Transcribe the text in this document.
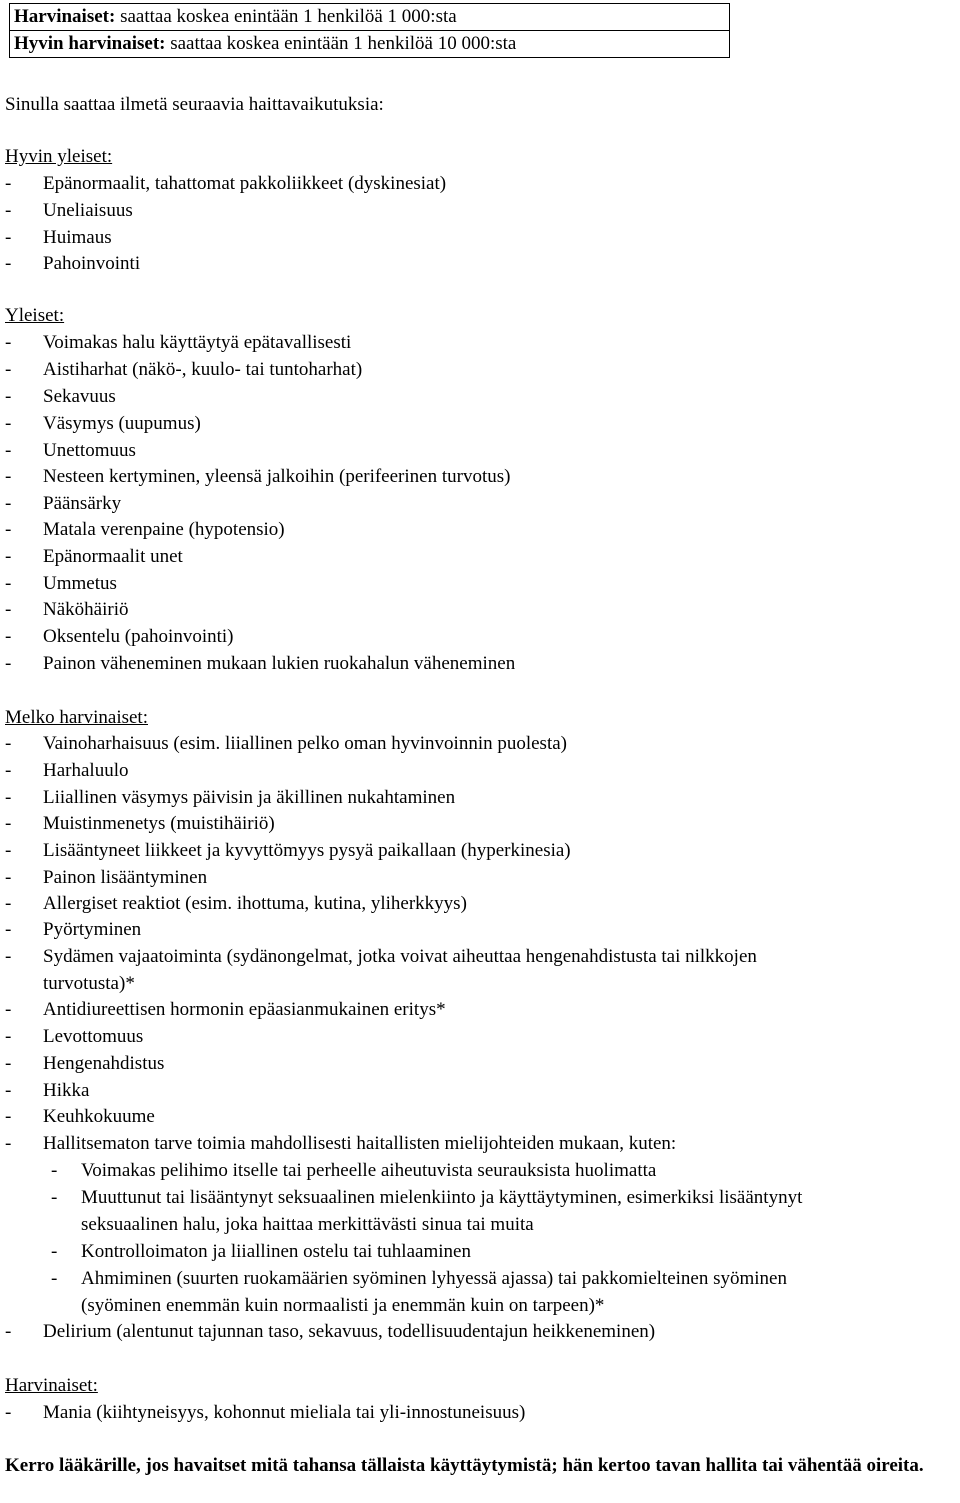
Harvinaiset: saattaa koskea enintään 1 henkilöä 1 000:sta
Hyvin harvinaiset: saattaa koskea enintään 1 henkilöä 10 000:sta
Sinulla saattaa ilmetä seuraavia haittavaikutuksia:
Hyvin yleiset:
- Epänormaalit, tahattomat pakkoliikkeet (dyskinesiat)
- Uneliaisuus
- Huimaus
- Pahoinvointi
Yleiset:
- Voimakas halu käyttäytyä epätavallisesti
- Aistiharhat (näkö-, kuulo- tai tuntoharhat)
- Sekavuus
- Väsymys (uupumus)
- Unettomuus
- Nesteen kertyminen, yleensä jalkoihin (perifeerinen turvotus)
- Päänsärky
- Matala verenpaine (hypotensio)
- Epänormaalit unet
- Ummetus
- Näköhäiriö
- Oksentelu (pahoinvointi)
- Painon väheneminen mukaan lukien ruokahalun väheneminen
Melko harvinaiset:
- Vainoharhaisuus (esim. liiallinen pelko oman hyvinvoinnin puolesta)
- Harhaluulo
- Liiallinen väsymys päivisin ja äkillinen nukahtaminen
- Muistinmenetys (muistihäiriö)
- Lisääntyneet liikkeet ja kyvyttömyys pysyä paikallaan (hyperkinesia)
- Painon lisääntyminen
- Allergiset reaktiot (esim. ihottuma, kutina, yliherkkyys)
- Pyörtyminen
- Sydämen vajaatoiminta (sydänongelmat, jotka voivat aiheuttaa hengenahdistusta tai nilkkojen
turvotusta)*
- Antidiureettisen hormonin epäasianmukainen eritys*
- Levottomuus
- Hengenahdistus
- Hikka
- Keuhkokuume
- Hallitsematon tarve toimia mahdollisesti haitallisten mielijohteiden mukaan, kuten:
- Voimakas pelihimo itselle tai perheelle aiheutuvista seurauksista huolimatta
- Muuttunut tai lisääntynyt seksuaalinen mielenkiinto ja käyttäytyminen, esimerkiksi lisääntynyt
seksuaalinen halu, joka haittaa merkittävästi sinua tai muita
- Kontrolloimaton ja liiallinen ostelu tai tuhlaaminen
- Ahmiminen (suurten ruokamäärien syöminen lyhyessä ajassa) tai pakkomielteinen syöminen
(syöminen enemmän kuin normaalisti ja enemmän kuin on tarpeen)*
- Delirium (alentunut tajunnan taso, sekavuus, todellisuudentajun heikkeneminen)
Harvinaiset:
- Mania (kiihtyneisyys, kohonnut mieliala tai yli-innostuneisuus)
Kerro lääkärille, jos havaitset mitä tahansa tällaista käyttäytymistä; hän kertoo tavan hallita tai vähentää oireita.
